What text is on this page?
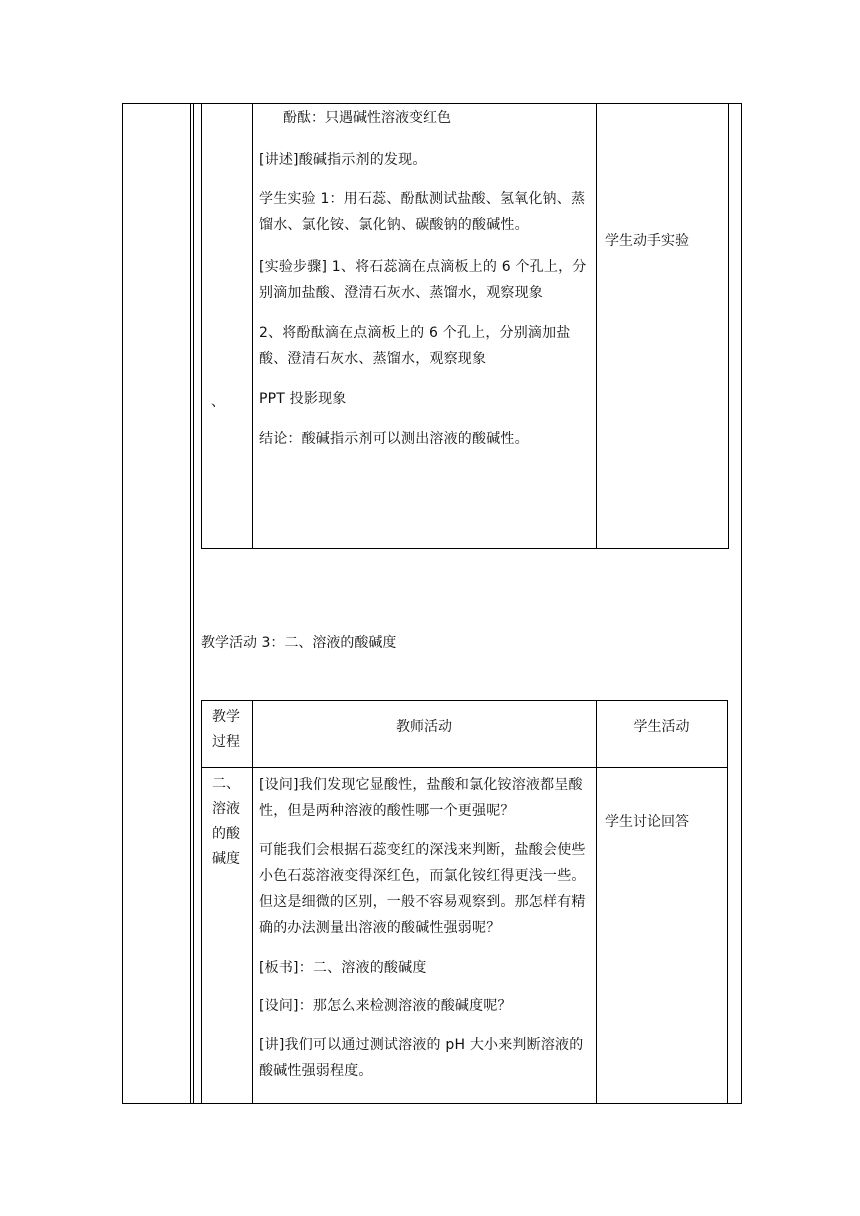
、
酚酞：只遇碱性溶液变红色
[讲述]酸碱指示剂的发现。
学生实验 1：用石蕊、酚酞测试盐酸、氢氧化钠、蒸馏水、氯化铵、氯化钠、碳酸钠的酸碱性。
[实验步骤] 1、将石蕊滴在点滴板上的 6 个孔上，分别滴加盐酸、澄清石灰水、蒸馏水，观察现象
2、将酚酞滴在点滴板上的 6 个孔上，分别滴加盐酸、澄清石灰水、蒸馏水，观察现象
PPT 投影现象
结论：酸碱指示剂可以测出溶液的酸碱性。
学生动手实验
教学活动 3：二、溶液的酸碱度
教学过程
教师活动	学生活动
二、溶液的酸碱度
[设问]我们发现它显酸性，盐酸和氯化铵溶液都呈酸性，但是两种溶液的酸性哪一个更强呢？
可能我们会根据石蕊变红的深浅来判断，盐酸会使些小色石蕊溶液变得深红色，而氯化铵红得更浅一些。但这是细微的区别，一般不容易观察到。那怎样有精确的办法测量出溶液的酸碱性强弱呢？
[板书]：二、溶液的酸碱度
[设问]：那怎么来检测溶液的酸碱度呢？
[讲]我们可以通过测试溶液的 pH 大小来判断溶液的酸碱性强弱程度。
学生讨论回答
